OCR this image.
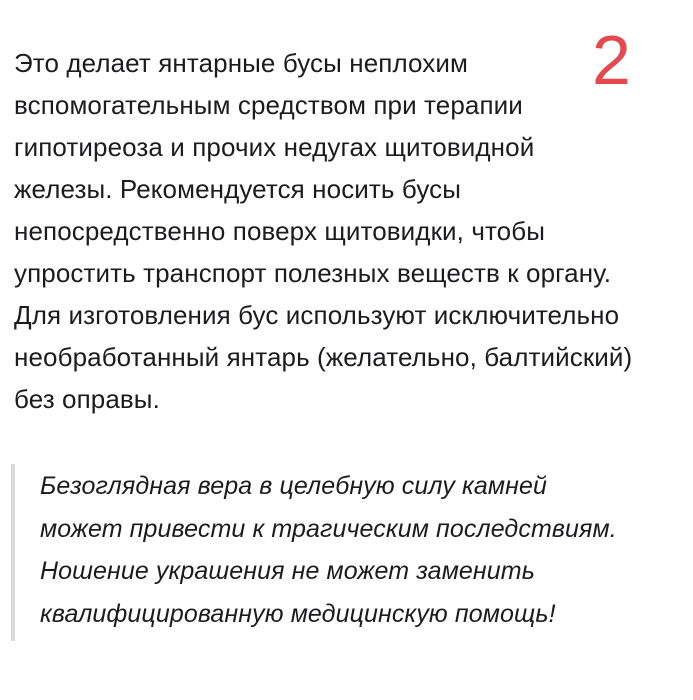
2
Это делает янтарные бусы неплохим
вспомогательным средством при терапии
гипотиреоза и прочих недугах щитовидной
железы. Рекомендуется носить бусы
непосредственно поверх щитовидки, чтобы
упростить транспорт полезных веществ к органу.
Для изготовления бус используют исключительно
необработанный янтарь (желательно, балтийский)
без оправы.
Безоглядная вера в целебную силу камней
может привести к трагическим последствиям.
Ношение украшения не может заменить
квалифицированную медицинскую помощь!
